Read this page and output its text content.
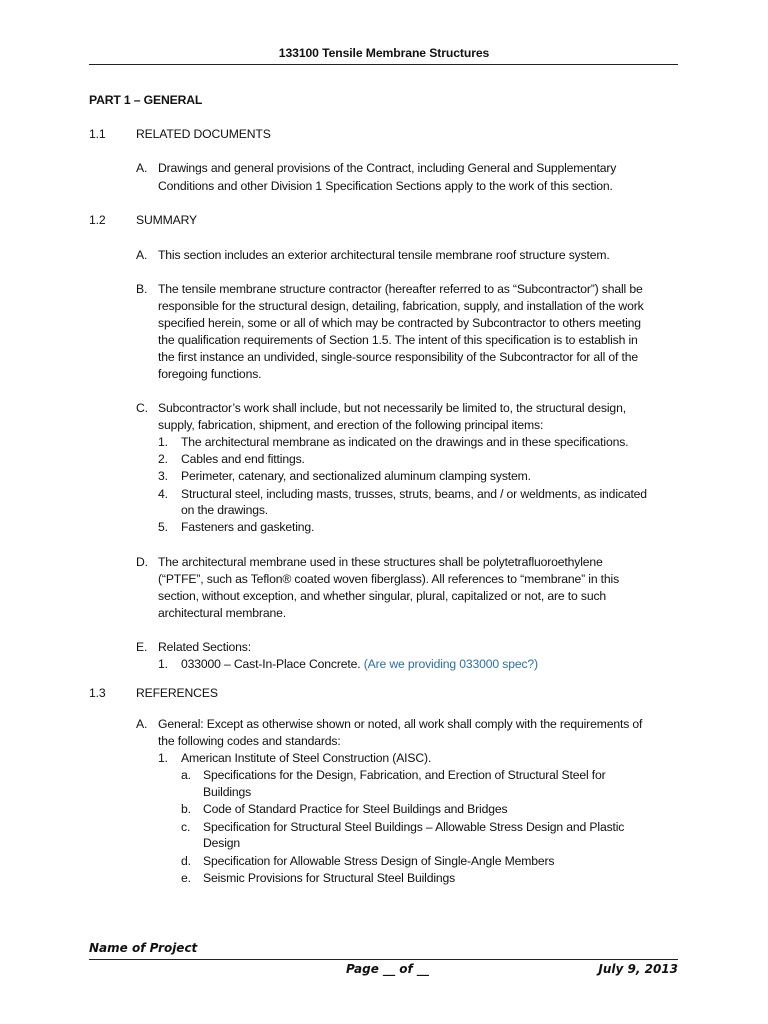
133100 Tensile Membrane Structures
PART 1 – GENERAL
1.1	RELATED DOCUMENTS
A. Drawings and general provisions of the Contract, including General and Supplementary
Conditions and other Division 1 Specification Sections apply to the work of this section.
1.2	SUMMARY
A. This section includes an exterior architectural tensile membrane roof structure system.
B. The tensile membrane structure contractor (hereafter referred to as “Subcontractor”) shall be
responsible for the structural design, detailing, fabrication, supply, and installation of the work
specified herein, some or all of which may be contracted by Subcontractor to others meeting
the qualification requirements of Section 1.5. The intent of this specification is to establish in
the first instance an undivided, single-source responsibility of the Subcontractor for all of the
foregoing functions.
C. Subcontractor’s work shall include, but not necessarily be limited to, the structural design,
supply, fabrication, shipment, and erection of the following principal items:
1. The architectural membrane as indicated on the drawings and in these specifications.
2. Cables and end fittings.
3. Perimeter, catenary, and sectionalized aluminum clamping system.
4. Structural steel, including masts, trusses, struts, beams, and / or weldments, as indicated
on the drawings.
5. Fasteners and gasketing.
D. The architectural membrane used in these structures shall be polytetrafluoroethylene
(“PTFE”, such as Teflon® coated woven fiberglass). All references to “membrane” in this
section, without exception, and whether singular, plural, capitalized or not, are to such
architectural membrane.
E. Related Sections:
1. 033000 – Cast-In-Place Concrete. (Are we providing 033000 spec?)
1.3	REFERENCES
A. General: Except as otherwise shown or noted, all work shall comply with the requirements of
the following codes and standards:
1. American Institute of Steel Construction (AISC).
a. Specifications for the Design, Fabrication, and Erection of Structural Steel for
Buildings
b. Code of Standard Practice for Steel Buildings and Bridges
c. Specification for Structural Steel Buildings – Allowable Stress Design and Plastic
Design
d. Specification for Allowable Stress Design of Single-Angle Members
e. Seismic Provisions for Structural Steel Buildings
Name of Project
Page __ of __	July 9, 2013
